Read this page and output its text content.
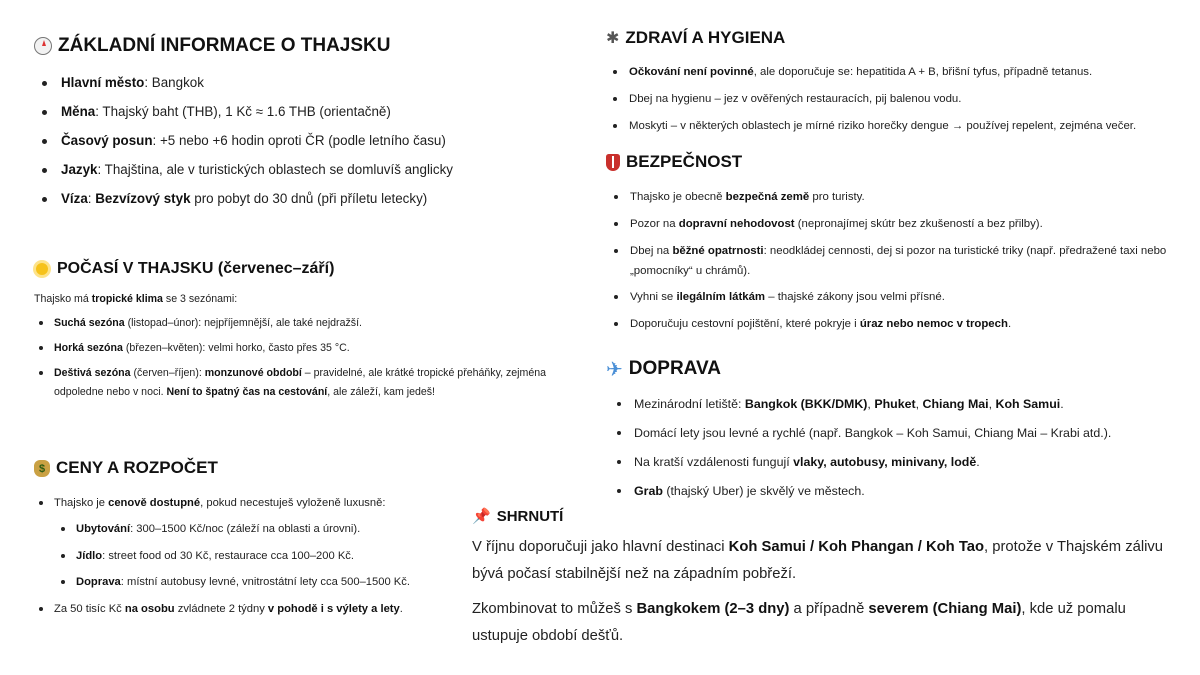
ZÁKLADNÍ INFORMACE O THAJSKU
Hlavní město: Bangkok
Měna: Thajský baht (THB), 1 Kč ≈ 1.6 THB (orientačně)
Časový posun: +5 nebo +6 hodin oproti ČR (podle letního času)
Jazyk: Thajština, ale v turistických oblastech se domluvíš anglicky
Víza: Bezvízový styk pro pobyt do 30 dnů (při příletu letecky)
POČASÍ V THAJSKU (červenec–září)
Thajsko má tropické klima se 3 sezónami:
Suchá sezóna (listopad–únor): nejpříjemnější, ale také nejdražší.
Horká sezóna (březen–květen): velmi horko, často přes 35 °C.
Deštivá sezóna (červen–říjen): monzunové období – pravidelné, ale krátké tropické přeháňky, zejména odpoledne nebo v noci. Není to špatný čas na cestování, ale záleží, kam jedeš!
$ CENY A ROZPOČET
Thajsko je cenově dostupné, pokud necestuješ vyloženě luxusně:
Ubytování: 300–1500 Kč/noc (záleží na oblasti a úrovni).
Jídlo: street food od 30 Kč, restaurace cca 100–200 Kč.
Doprava: místní autobusy levné, vnitrostátní lety cca 500–1500 Kč.
Za 50 tisíc Kč na osobu zvládnete 2 týdny v pohodě i s výlety a lety.
✱ ZDRAVÍ A HYGIENA
Očkování není povinné, ale doporučuje se: hepatitida A + B, břišní tyfus, případně tetanus.
Dbej na hygienu – jez v ověřených restauracích, pij balenou vodu.
Moskyti – v některých oblastech je mírné riziko horečky dengue → používej repelent, zejména večer.
BEZPEČNOST
Thajsko je obecně bezpečná země pro turisty.
Pozor na dopravní nehodovost (nepronajímej skútr bez zkušeností a bez přilby).
Dbej na běžné opatrnosti: neodkládej cennosti, dej si pozor na turistické triky (např. předražené taxi nebo „pomocníky“ u chrámů).
Vyhni se ilegálním látkám – thajské zákony jsou velmi přísné.
Doporučuju cestovní pojištění, které pokryje i úraz nebo nemoc v tropech.
✈ DOPRAVA
Mezinárodní letiště: Bangkok (BKK/DMK), Phuket, Chiang Mai, Koh Samui.
Domácí lety jsou levné a rychlé (např. Bangkok – Koh Samui, Chiang Mai – Krabi atd.).
Na kratší vzdálenosti fungují vlaky, autobusy, minivany, lodě.
Grab (thajský Uber) je skvělý ve městech.
📌 SHRNUTÍ

V říjnu doporučuji jako hlavní destinaci Koh Samui / Koh Phangan / Koh Tao, protože v Thajském zálivu bývá počasí stabilnější než na západním pobřeží.

Zkombinovat to můžeš s Bangkokem (2–3 dny) a případně severem (Chiang Mai), kde už pomalu ustupuje období dešťů.
